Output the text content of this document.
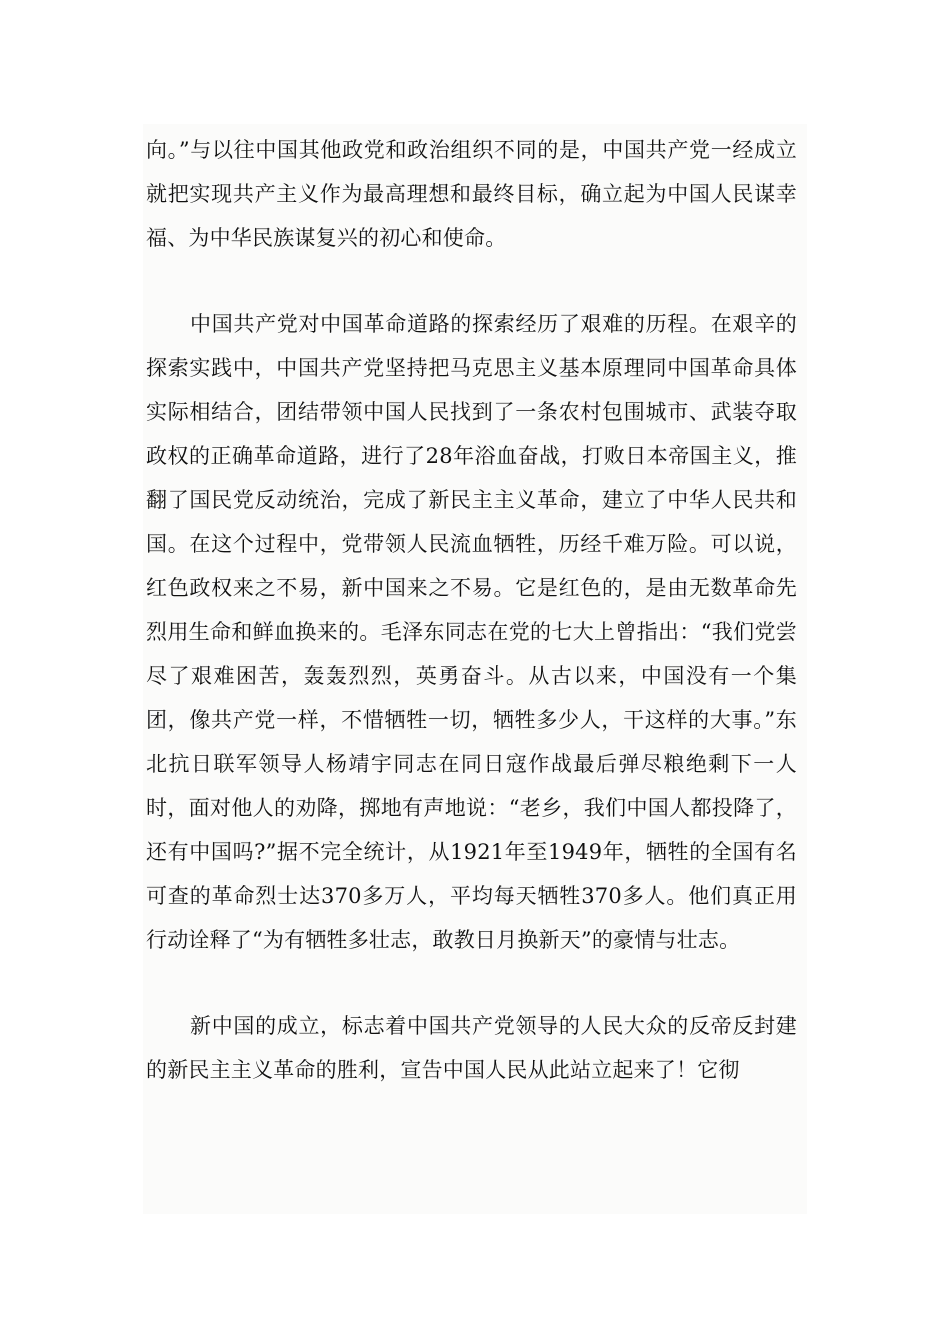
向。”与以往中国其他政党和政治组织不同的是，中国共产党一经成立就把实现共产主义作为最高理想和最终目标，确立起为中国人民谋幸福、为中华民族谋复兴的初心和使命。

中国共产党对中国革命道路的探索经历了艰难的历程。在艰辛的探索实践中，中国共产党坚持把马克思主义基本原理同中国革命具体实际相结合，团结带领中国人民找到了一条农村包围城市、武装夺取政权的正确革命道路，进行了28年浴血奋战，打败日本帝国主义，推翻了国民党反动统治，完成了新民主主义革命，建立了中华人民共和国。在这个过程中，党带领人民流血牺牲，历经千难万险。可以说，红色政权来之不易，新中国来之不易。它是红色的，是由无数革命先烈用生命和鲜血换来的。毛泽东同志在党的七大上曾指出：“我们党尝尽了艰难困苦，轰轰烈烈，英勇奋斗。从古以来，中国没有一个集团，像共产党一样，不惜牺牲一切，牺牲多少人，干这样的大事。”东北抗日联军领导人杨靖宇同志在同日寇作战最后弹尽粮绝剩下一人时，面对他人的劝降，掷地有声地说：“老乡，我们中国人都投降了，还有中国吗?”据不完全统计，从1921年至1949年，牺牲的全国有名可查的革命烈士达370多万人，平均每天牺牲370多人。他们真正用行动诠释了“为有牺牲多壮志，敢教日月换新天”的豪情与壮志。

新中国的成立，标志着中国共产党领导的人民大众的反帝反封建的新民主主义革命的胜利，宣告中国人民从此站立起来了！它彻
